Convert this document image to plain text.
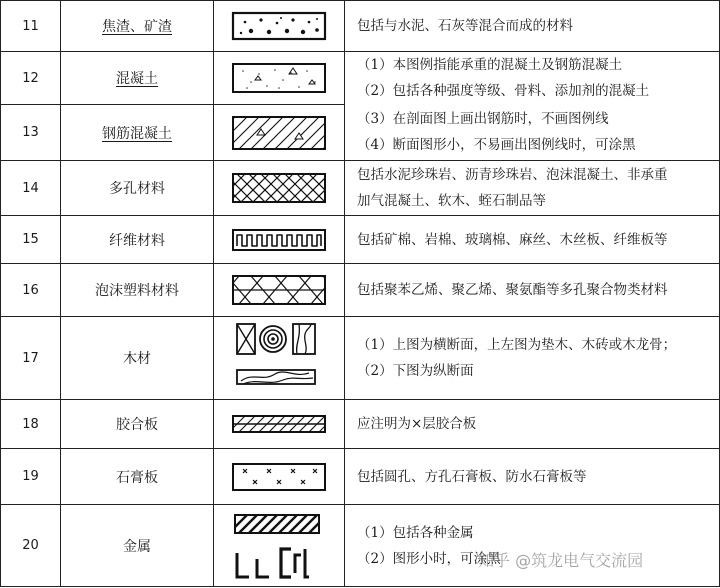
11	焦渣、矿渣		包括与水泥、石灰等混合而成的材料

12	混凝土		（1）本图例指能承重的混凝土及钢筋混凝土
（2）包括各种强度等级、骨料、添加剂的混凝土

13	钢筋混凝土		（3）在剖面图上画出钢筋时，不画图例线
（4）断面图形小，不易画出图例线时，可涂黑

14	多孔材料		包括水泥珍珠岩、沥青珍珠岩、泡沫混凝土、非承重
加气混凝土、软木、蛭石制品等

15	纤维材料		包括矿棉、岩棉、玻璃棉、麻丝、木丝板、纤维板等

16	泡沫塑料材料		包括聚苯乙烯、聚乙烯、聚氨酯等多孔聚合物类材料

17	木材		（1）上图为横断面，上左图为垫木、木砖或木龙骨；
（2）下图为纵断面

18	胶合板		应注明为×层胶合板

19	石膏板		包括圆孔、方孔石膏板、防水石膏板等

20	金属		（1）包括各种金属
（2）图形小时，可涂黑
知乎 @筑龙电气交流园
